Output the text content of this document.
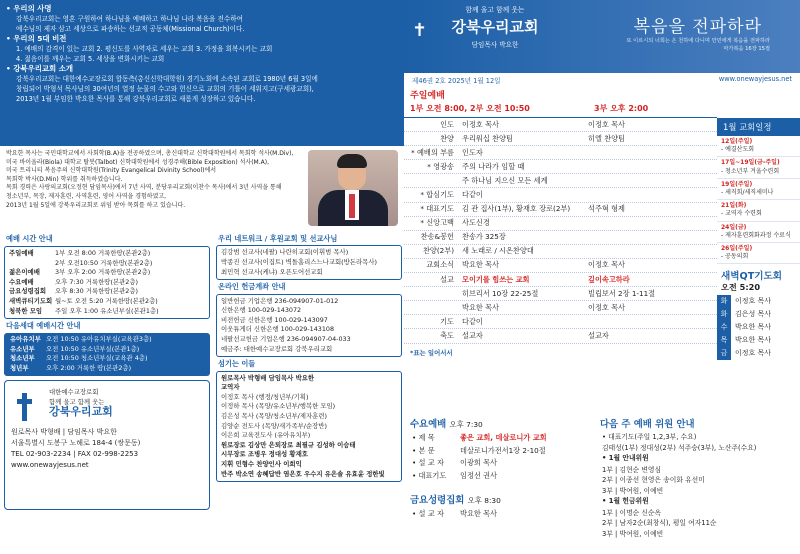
• 우리의 사명
강북우리교회는 영혼 구원하여 하나님을 예배하고 하나님 나라 복음을 전수하여
예수님의 제자 삼고 세상으로 파송하는 선교적 공동체(Missional Church)이다.
• 우리의 5대 비전
1. 예배의 감격이 있는 교회 2. 평신도를 사역자로 세우는 교회 3. 가정을 회복시키는 교회
4. 젊음이를 깨우는 교회 5. 세상을 변화시키는 교회
• 강북우리교회 소개
강북우리교회는 대한예수교장로회 합동측(총신신학대학원) 경기노회에 소속된 교회로 1980년 6월 3일에
창립되어 박형석 목사님의 30여년의 열정 눈물의 수고와 헌신으로 교회의 기틀이 세워지고(구세광교회),
2013년 1월 부임한 박요한 목사를 통해 강북우리교회로 새롭게 성장하고 있습니다.
✝
함께 울고 함께 웃는
강북우리교회
담임목사 박요한
복음을 전파하라
또 이르시되 너희는 온 천하에 다니며 만민에게 복음을 전파하라
마가복음 16장 15절
제46권 2호 2025년 1월 12일	www.onewayjesus.net
박요한 목사는 국민대학교에서 사회학(B.A)을 전공하였으며, 총신대학교 신학대학원에서 목회학 석사(M.Div),
미국 바이올라(Biola) 대학교 탈봇(Talbot) 신학대학원에서 성경주해(Bible Exposition) 석사(M.A),
미국 트리니티 복음주의 신학대학원(Trinity Evangelical Divinity School)에서
목회학 박사(D.Min) 학위를 취득하였습니다.
목회 경력은 사랑의교회(오정현 담임목사)에서 7년 사역, 분당우리교회(이찬수 목사)에서 3년 사역을 통해
청소년부, 목장, 제자훈련, 사역훈련, 영어 사역을 경험하였고,
2013년 1월 5일에 강북우리교회로 위임 받아 목회를 하고 있습니다.
예배 시간 안내
주일예배	1부 오전 8:00 거룩한땅(본관2층)
2부 오전10:50 거룩한땅(본관2층)
젊은이예배	3부 오후 2:00 거룩한땅(본관2층)
수요예배	오후 7:30 거룩한땅(본관2층)
금요성령집회	오후 8:30 거룩한땅(본관2층)
새벽큐티기도회 월~토 오전 5:20 거룩한땅(본관2층)
청북한 모임	주일 오후 1:00 유소년부실(본관1층)
다음세대 예배시간 안내
유아유치부 오전 10:50 유아유치부실(교육관3층)
유소년부	오전 10:50 유소년부실(본관1층)
청소년부	오전 10:50 청소년부실(교육관 4층)
청년부	오후 2:00 거룩한 땅(본관2층)
대한예수교장로회
함께 울고 함께 웃는
강북우리교회
원로목사 박형배 | 담임목사 박요한
서울특별시 도봉구 노해로 184-4 (쌍문동)
TEL 02-903-2234 | FAX 02-998-2253
www.onewayjesus.net
우리 네트워크 / 후원교회 및 선교사님
김강범 선교사(네팔) 나란히교회(이휘범 목사)
박종진 선교사(이집트) 벽돌홈리스느나교회(방돈라목사)
최민혁 선교사(케냐) 오픈도어선교회
온라인 헌금계좌 안내
일반헌금 기업은행 236-094907-01-012
신한은행 100-029-143072
비전헌금 신한은행 100-029-143097
이웃튜게더 신한은행 100-029-143108
네팔선교헌금 기업은행 236-094907-04-033
예금주: 대한예수교장로회 강북우리교회
섬기는 이들
원로목사 박형배 담임목사 박요한
교역자
이정호 목사 (행정/청년부/기획)
이정하 목사 (목양/유소년부/행복한 모임)
김은성 목사 (목양/청소년부/제자훈련)
김양순 전도사 (목양/새가족부/순장반)
이은희 교육전도사 (유아유치부)
원로장로 김상만 은퇴장로 최필규 김성하 이승태
시무장로 조병우 정대성 황재호
지휘 민형수 찬양인사 이희익
반주 박소연 송혜답반 염은호 우수지 유은솔 유효윤 정한빛
주일예배
1부 오전 8:00, 2부 오전 10:50	3부 오후 2:00
인도	이정호 목사	이정호 목사
찬양	우리워십 찬양팀	히엘 찬양팀
* 예배의 부름	인도자
* 영광송	주의 나라가 임할 때
주 하나님 지으신 모든 세계
* 합심기도	다같이
* 대표기도	김 관 집사(1부), 황재호 장로(2부)	석주혁 형제
* 신앙고백	사도신경
찬송&봉헌	찬송가 325장
찬양(2부)	새 노래로 / 시온찬양대
교회소식	박요한 목사	이정호 목사
설교	모이기를 힘쓰는 교회	깊이속고하라
히브리서 10장 22-25절	빌립보서 2장 1-11절
박요한 목사	이정호 목사
기도	다같이
축도	설교자	설교자
*표는 일어서서
1월 교회일정
12일(주일)
- 예결산도회
17일~19일(금-주일)
- 청소년부 겨울수련회
19일(주일)
- 세직회/세직세미나
21일(화)
- 교역자 수련회
24일(금)
- 제자훈련회화과정 수료식
26일(주일)
- 공동의회
새벽QT기도회
오전 5:20
화	이정호 목사
화	김은성 목사
수	박요한 목사
목	박요한 목사
금	이정호 목사
수요예배 오후 7:30
• 제 목	좋은 교회, 데살로니가 교회
• 본 문	데살로니가전서1장 2-10절
• 설 교 자	이광희 목사
• 대표기도	임정선 권사
금요성령집회 오후 8:30
• 설 교 자	박요한 목사
다음 주 예배 위원 안내
• 대표기도(주일 1,2,3부, 수요)
김태성(1부) 정대성(2부) 석주승(3부), 노산주(수요)
• 1월 안내위원
1부 | 김현순 변영심
2부 | 이종선 현영은 송이화 유선미
3부 | 박여원, 이예빈
• 1월 헌금위원
1부 | 이명순 신순옥
2부 | 남자2순(최창식), 평일 여자11순
3부 | 박여원, 이예빈
